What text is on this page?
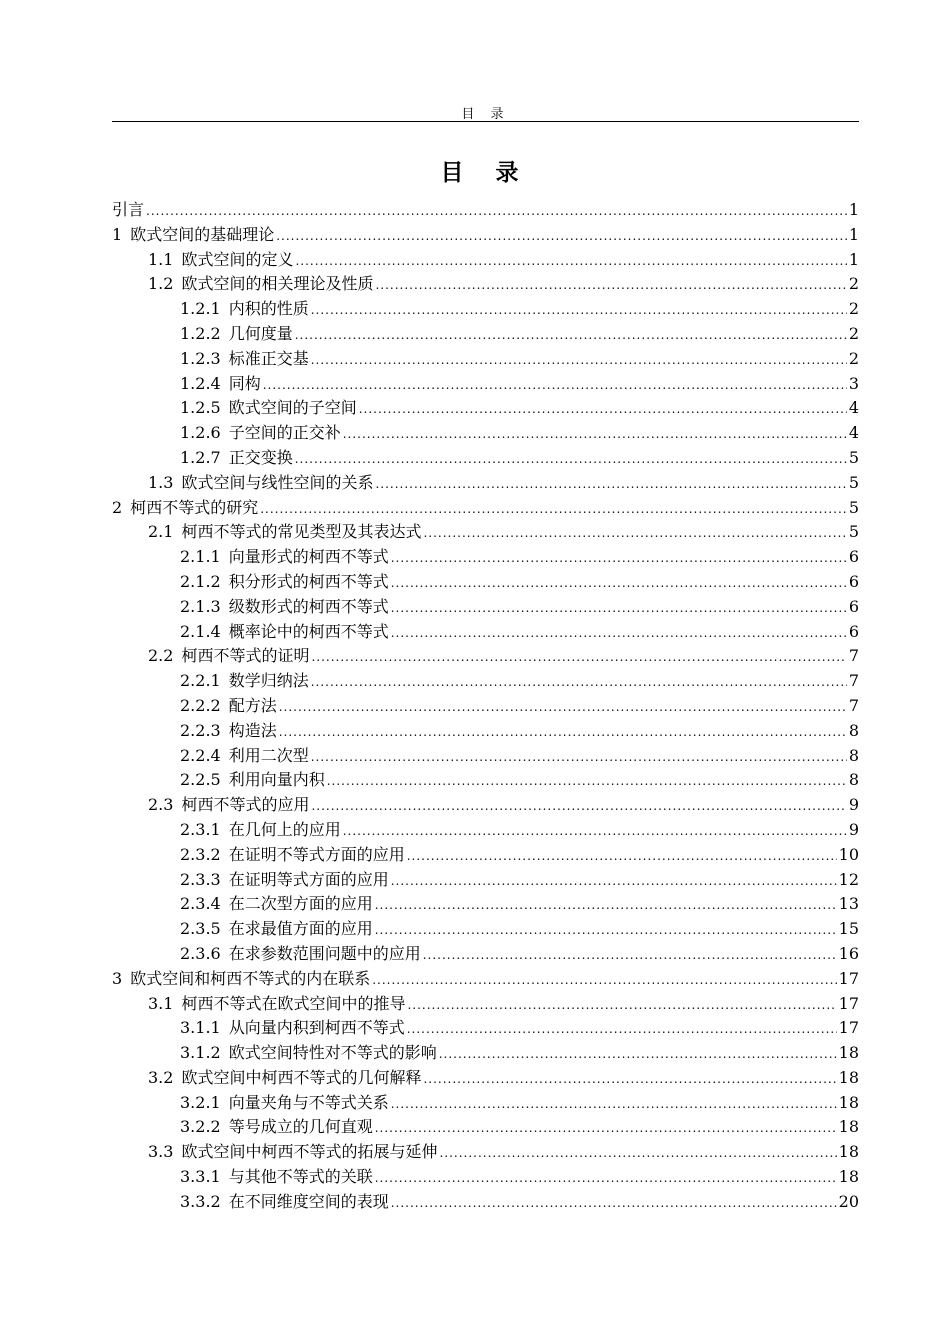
目 录
目 录
引言 .....	1
1 欧式空间的基础理论 .....	1
1.1 欧式空间的定义 .....	1
1.2 欧式空间的相关理论及性质 .....	2
1.2.1 内积的性质 .....	2
1.2.2 几何度量 .....	2
1.2.3 标准正交基 .....	2
1.2.4 同构 .....	3
1.2.5 欧式空间的子空间 .....	4
1.2.6 子空间的正交补 .....	4
1.2.7 正交变换 .....	5
1.3 欧式空间与线性空间的关系 .....	5
2 柯西不等式的研究 .....	5
2.1 柯西不等式的常见类型及其表达式 .....	5
2.1.1 向量形式的柯西不等式 .....	6
2.1.2 积分形式的柯西不等式 .....	6
2.1.3 级数形式的柯西不等式 .....	6
2.1.4 概率论中的柯西不等式 .....	6
2.2 柯西不等式的证明 .....	7
2.2.1 数学归纳法 .....	7
2.2.2 配方法 .....	7
2.2.3 构造法 .....	8
2.2.4 利用二次型 .....	8
2.2.5 利用向量内积 .....	8
2.3 柯西不等式的应用 .....	9
2.3.1 在几何上的应用 .....	9
2.3.2 在证明不等式方面的应用 .....	10
2.3.3 在证明等式方面的应用 .....	12
2.3.4 在二次型方面的应用 .....	13
2.3.5 在求最值方面的应用 .....	15
2.3.6 在求参数范围问题中的应用 .....	16
3 欧式空间和柯西不等式的内在联系 .....	17
3.1 柯西不等式在欧式空间中的推导 .....	17
3.1.1 从向量内积到柯西不等式 .....	17
3.1.2 欧式空间特性对不等式的影响 .....	18
3.2 欧式空间中柯西不等式的几何解释 .....	18
3.2.1 向量夹角与不等式关系 .....	18
3.2.2 等号成立的几何直观 .....	18
3.3 欧式空间中柯西不等式的拓展与延伸 .....	18
3.3.1 与其他不等式的关联 .....	18
3.3.2 在不同维度空间的表现 .....	20
